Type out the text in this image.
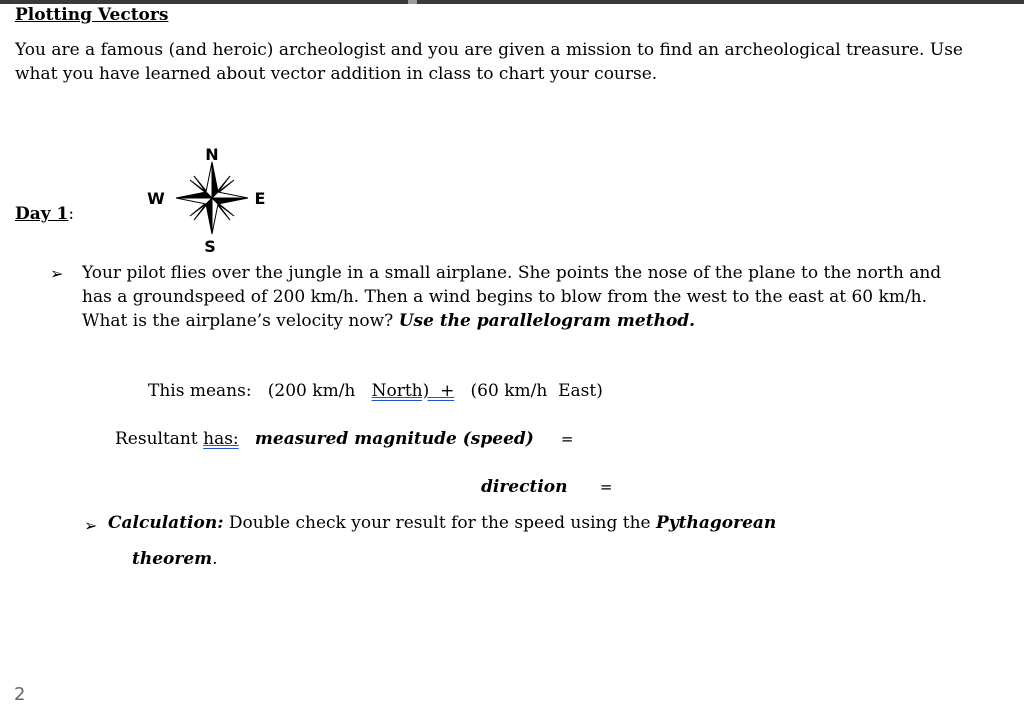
Plotting Vectors
You are a famous (and heroic) archeologist and you are given a mission to find an archeological treasure. Use what you have learned about vector addition in class to chart your course.
N
S
W	E
Day 1:
➢ Your pilot flies over the jungle in a small airplane. She points the nose of the plane to the north and has a groundspeed of 200 km/h. Then a wind begins to blow from the west to the east at 60 km/h. What is the airplane’s velocity now? Use the parallelogram method.
This means: (200 km/h North)  + (60 km/h  East)
Resultant has: measured magnitude (speed) =
direction =
➢ Calculation: Double check your result for the speed using the Pythagorean
theorem.
2
